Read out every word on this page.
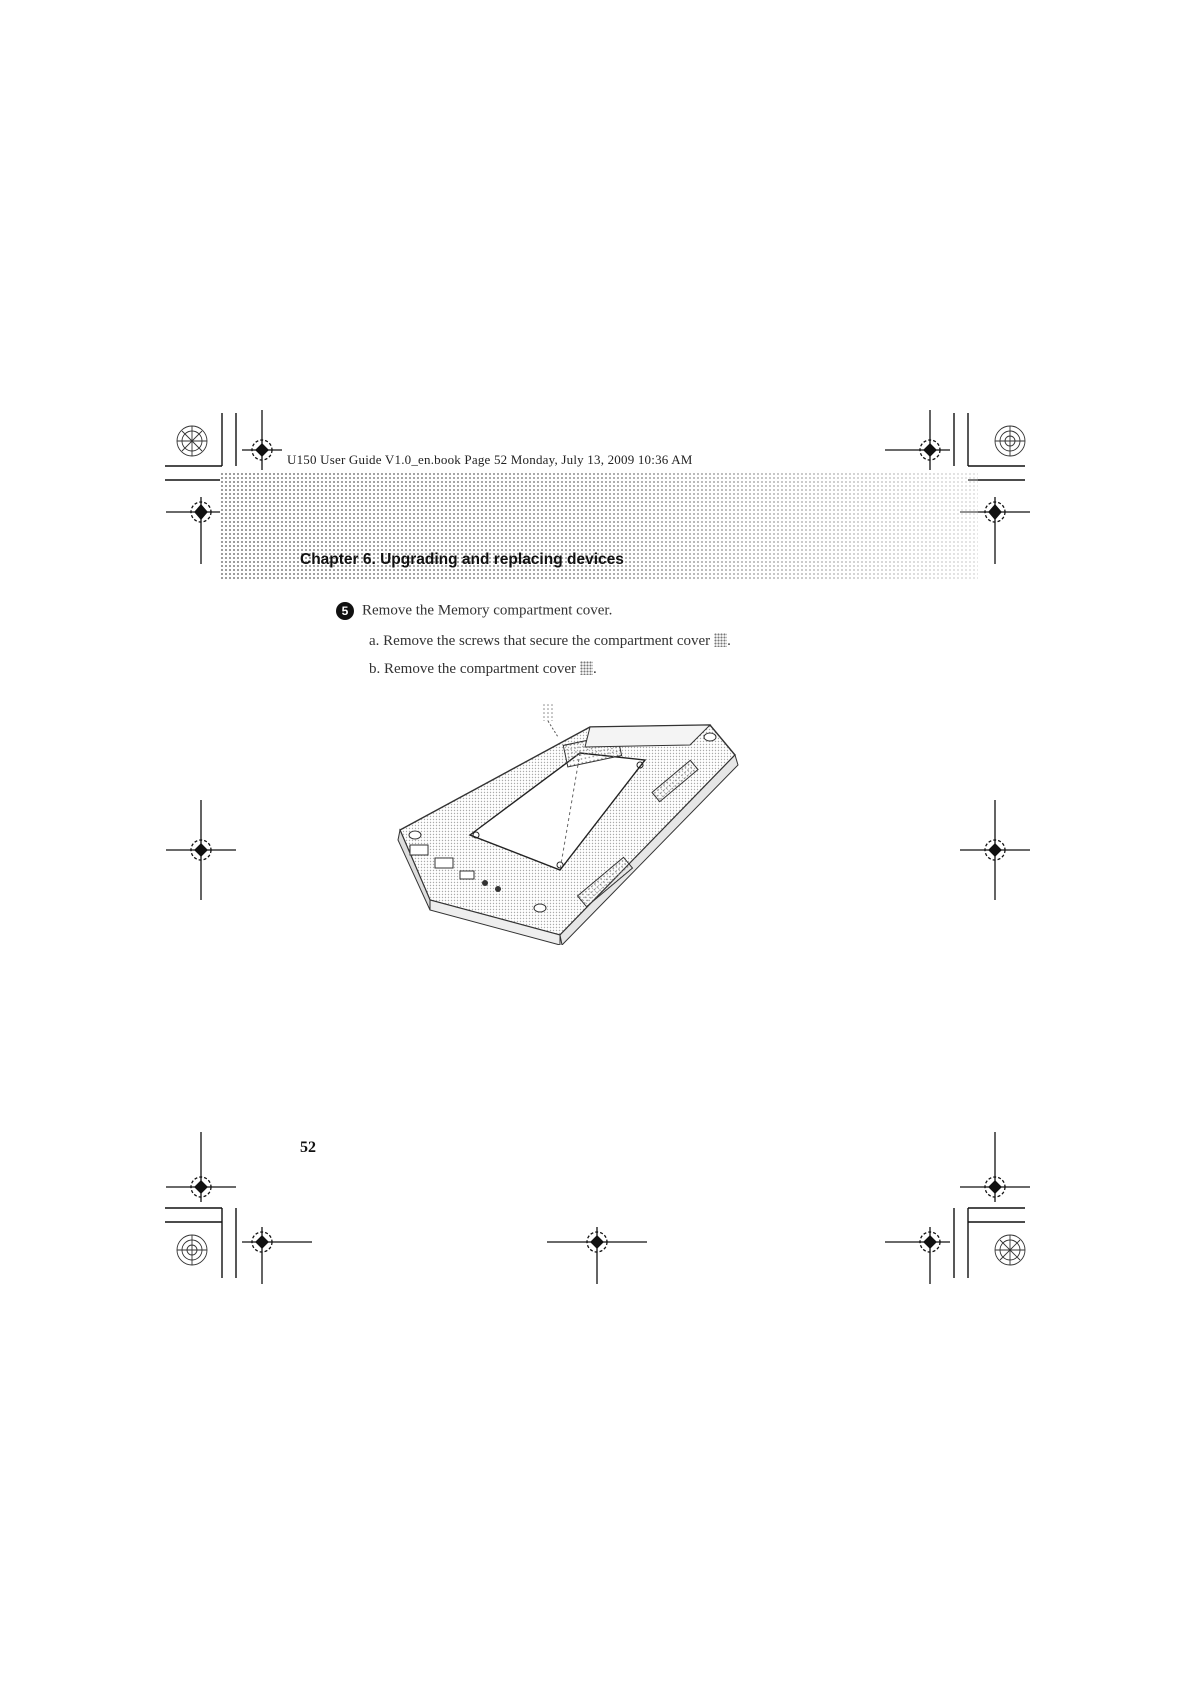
U150 User Guide V1.0_en.book Page 52 Monday, July 13, 2009 10:36 AM
Chapter 6. Upgrading and replacing devices
5 Remove the Memory compartment cover.
a. Remove the screws that secure the compartment cover .
b. Remove the compartment cover .
52
